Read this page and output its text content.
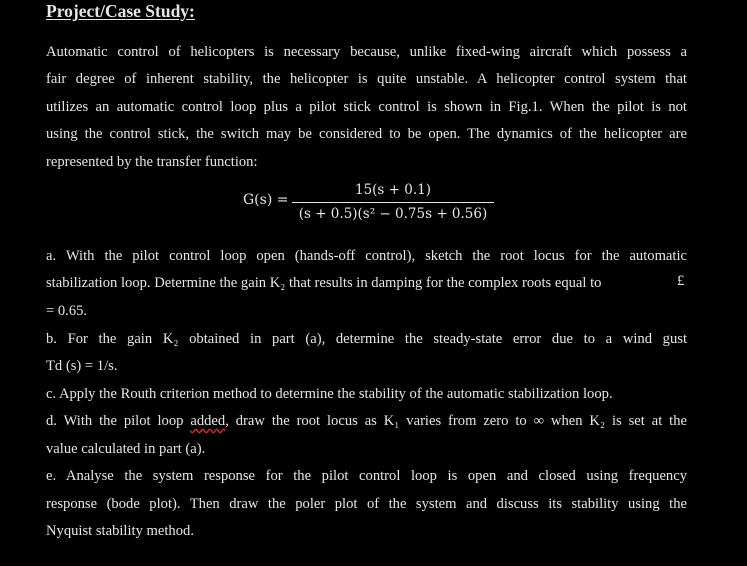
Project/Case Study:
Automatic control of helicopters is necessary because, unlike fixed-wing aircraft which possess a
fair degree of inherent stability, the helicopter is quite unstable. A helicopter control system that
utilizes an automatic control loop plus a pilot stick control is shown in Fig.1. When the pilot is not
using the control stick, the switch may be considered to be open. The dynamics of the helicopter are
represented by the transfer function:
G(s) =
15(s + 0.1)
(s + 0.5)(s² − 0.75s + 0.56)
a. With the pilot control loop open (hands-off control), sketch the root locus for the automatic
stabilization loop. Determine the gain K₂ that results in damping for the complex roots equal to	£
= 0.65.
b. For the gain K₂ obtained in part (a), determine the steady-state error due to a wind gust
Td (s) = 1/s.
c. Apply the Routh criterion method to determine the stability of the automatic stabilization loop.
d. With the pilot loop added, draw the root locus as K₁ varies from zero to ∞ when K₂ is set at the
value calculated in part (a).
e. Analyse the system response for the pilot control loop is open and closed using frequency
response (bode plot). Then draw the poler plot of the system and discuss its stability using the
Nyquist stability method.
